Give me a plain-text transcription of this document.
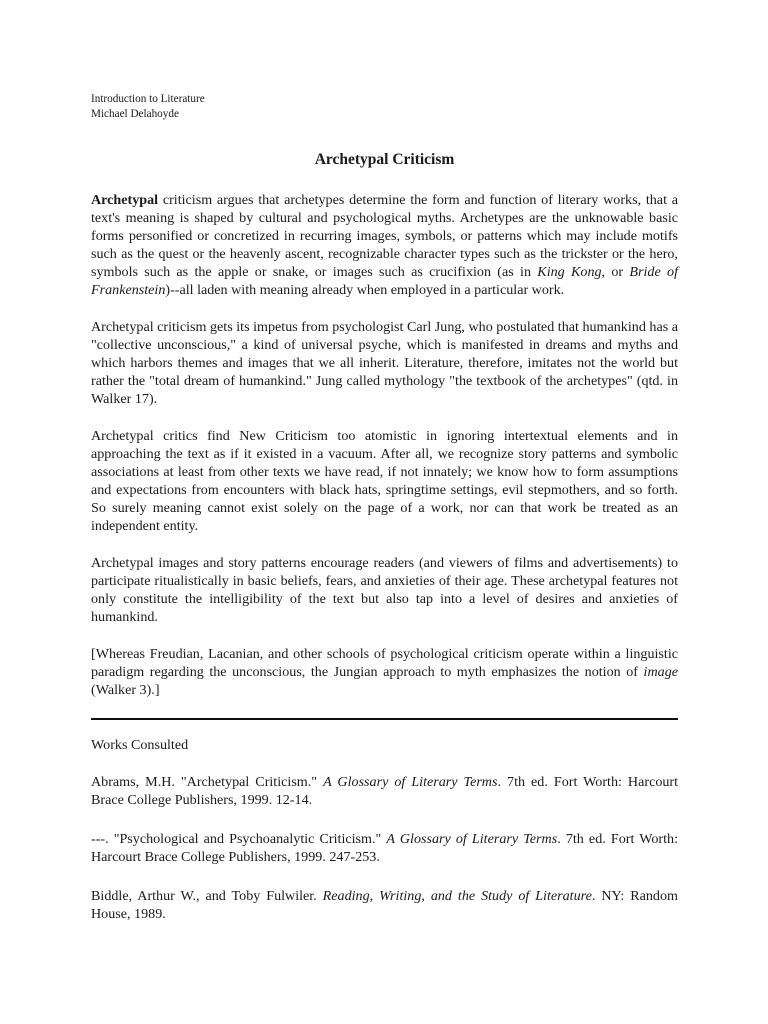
Introduction to Literature

Michael Delahoyde

Archetypal Criticism

Archetypal criticism argues that archetypes determine the form and function of literary works, that a text's meaning is shaped by cultural and psychological myths. Archetypes are the unknowable basic forms personified or concretized in recurring images, symbols, or patterns which may include motifs such as the quest or the heavenly ascent, recognizable character types such as the trickster or the hero, symbols such as the apple or snake, or images such as crucifixion (as in King Kong, or Bride of Frankenstein)--all laden with meaning already when employed in a particular work.

Archetypal criticism gets its impetus from psychologist Carl Jung, who postulated that humankind has a "collective unconscious," a kind of universal psyche, which is manifested in dreams and myths and which harbors themes and images that we all inherit. Literature, therefore, imitates not the world but rather the "total dream of humankind." Jung called mythology "the textbook of the archetypes" (qtd. in Walker 17).

Archetypal critics find New Criticism too atomistic in ignoring intertextual elements and in approaching the text as if it existed in a vacuum. After all, we recognize story patterns and symbolic associations at least from other texts we have read, if not innately; we know how to form assumptions and expectations from encounters with black hats, springtime settings, evil stepmothers, and so forth. So surely meaning cannot exist solely on the page of a work, nor can that work be treated as an independent entity.

Archetypal images and story patterns encourage readers (and viewers of films and advertisements) to participate ritualistically in basic beliefs, fears, and anxieties of their age. These archetypal features not only constitute the intelligibility of the text but also tap into a level of desires and anxieties of humankind.

[Whereas Freudian, Lacanian, and other schools of psychological criticism operate within a linguistic paradigm regarding the unconscious, the Jungian approach to myth emphasizes the notion of image (Walker 3).]

Works Consulted

Abrams, M.H. "Archetypal Criticism." A Glossary of Literary Terms. 7th ed. Fort Worth: Harcourt Brace College Publishers, 1999. 12-14.

---. "Psychological and Psychoanalytic Criticism." A Glossary of Literary Terms. 7th ed. Fort Worth: Harcourt Brace College Publishers, 1999. 247-253.

Biddle, Arthur W., and Toby Fulwiler. Reading, Writing, and the Study of Literature. NY: Random House, 1989.
